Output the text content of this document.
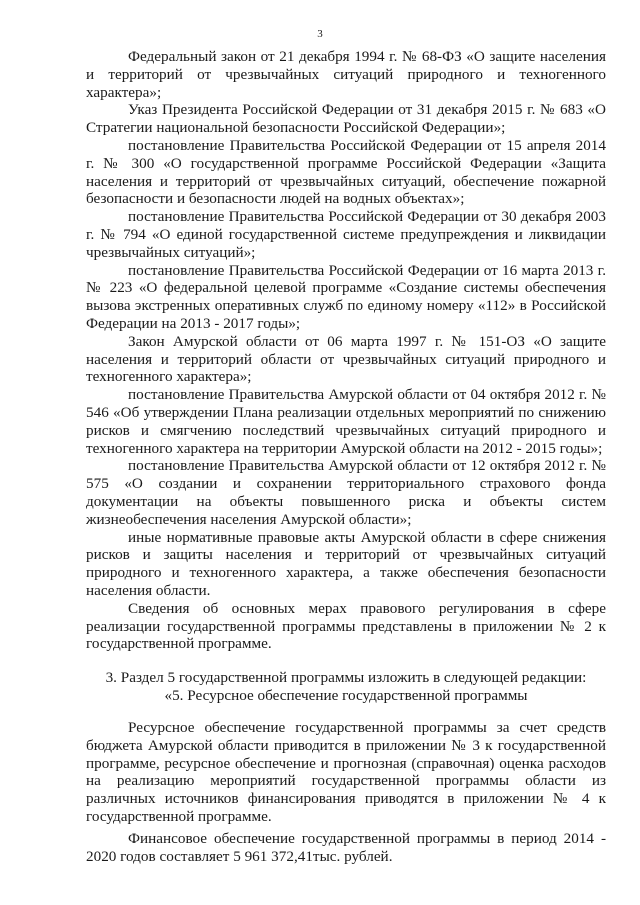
3

Федеральный закон от 21 декабря 1994 г. № 68-ФЗ «О защите населения и территорий от чрезвычайных ситуаций природного и техногенного характера»;

Указ Президента Российской Федерации от 31 декабря 2015 г. № 683 «О Стратегии национальной безопасности Российской Федерации»;

постановление Правительства Российской Федерации от 15 апреля 2014 г. № 300 «О государственной программе Российской Федерации «Защита населения и территорий от чрезвычайных ситуаций, обеспечение пожарной безопасности и безопасности людей на водных объектах»;

постановление Правительства Российской Федерации от 30 декабря 2003 г. № 794 «О единой государственной системе предупреждения и ликвидации чрезвычайных ситуаций»;

постановление Правительства Российской Федерации от 16 марта 2013 г. № 223 «О федеральной целевой программе «Создание системы обеспечения вызова экстренных оперативных служб по единому номеру «112» в Российской Федерации на 2013 - 2017 годы»;

Закон Амурской области от 06 марта 1997 г. № 151-ОЗ «О защите населения и территорий области от чрезвычайных ситуаций природного и техногенного характера»;

постановление Правительства Амурской области от 04 октября 2012 г. № 546 «Об утверждении Плана реализации отдельных мероприятий по снижению рисков и смягчению последствий чрезвычайных ситуаций природного и техногенного характера на территории Амурской области на 2012 - 2015 годы»;

постановление Правительства Амурской области от 12 октября 2012 г. № 575 «О создании и сохранении территориального страхового фонда документации на объекты повышенного риска и объекты систем жизнеобеспечения населения Амурской области»;

иные нормативные правовые акты Амурской области в сфере снижения рисков и защиты населения и территорий от чрезвычайных ситуаций природного и техногенного характера, а также обеспечения безопасности населения области.

Сведения об основных мерах правового регулирования в сфере реализации государственной программы представлены в приложении № 2 к государственной программе.

3. Раздел 5 государственной программы изложить в следующей редакции:

«5. Ресурсное обеспечение государственной программы

Ресурсное обеспечение государственной программы за счет средств бюджета Амурской области приводится в приложении № 3 к государственной программе, ресурсное обеспечение и прогнозная (справочная) оценка расходов на реализацию мероприятий государственной программы области из различных источников финансирования приводятся в приложении № 4 к государственной программе.

Финансовое обеспечение государственной программы в период 2014 - 2020 годов составляет 5 961 372,41тыс. рублей.
